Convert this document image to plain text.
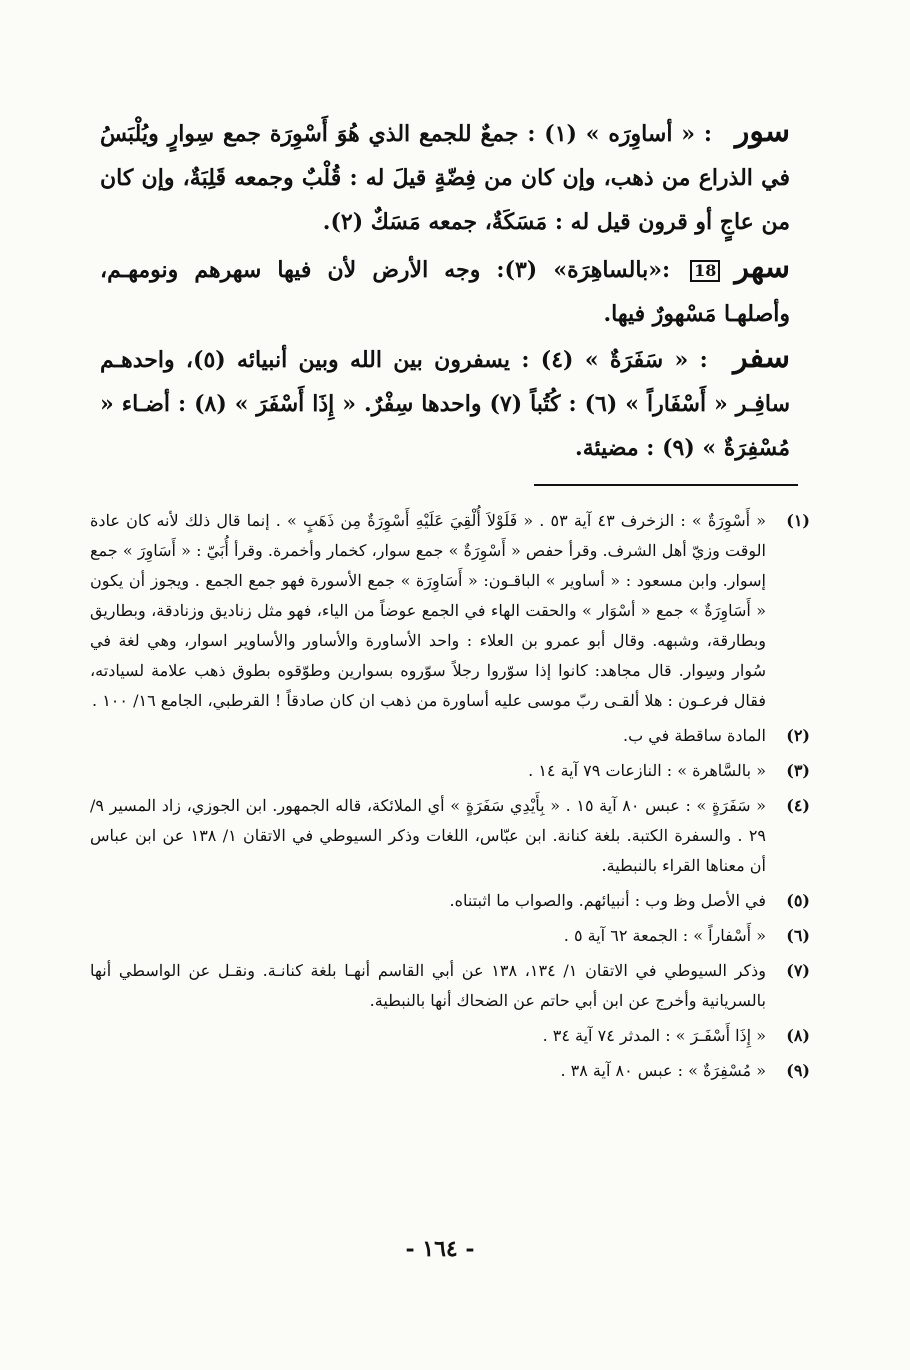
سور : « أساوِرَه » (١) : جمعٌ للجمع الذي هُوَ أَسْوِرَة جمع سِوارٍ ويُلْبَسُ في الذراع من ذهب، وإن كان من فِضّةٍ قيلَ له : قُلْبٌ وجمعه قَلِبَةٌ، وإن كان من عاجٍ أو قرون قيل له : مَسَكَةٌ، جمعه مَسَكٌ (٢).
سهر18 :«بالساهِرَة» (٣): وجه الأرض لأن فيها سهرهم ونومهـم، وأصلهـا مَسْهورٌ فيها.
سفر : « سَفَرَةٌ » (٤) : يسفرون بين الله وبين أنبيائه (٥)، واحدهـم سافِـر « أَسْفَاراً » (٦) : كُتُباً (٧) واحدها سِفْرٌ. « إِذَا أَسْفَرَ » (٨) : أضـاء « مُسْفِرَةٌ » (٩) : مضيئة.
(١)
« أَسْوِرَةٌ » : الزخرف ٤٣ آية ٥٣ . « فَلَوْلاَ أُلْقِيَ عَلَيْهِ أَسْوِرَةٌ مِن ذَهَبٍ » . إنما قال ذلك لأنه كان عادة الوقت وزيّ أهل الشرف. وقرأ حفص « أَسْوِرَةٌ » جمع سوار، كخمار وأخمرة. وقرأ أُبَيّ : « أَسَاوِرَ » جمع إسوار. وابن مسعود : « أساوير » الباقـون: « أَسَاوِرَة » جمع الأسورة فهو جمع الجمع . ويجوز أن يكون « أَسَاوِرَةٌ » جمع « أسْوَار » والحقت الهاء في الجمع عوضاً من الياء، فهو مثل زناديق وزنادقة، وبطاريق وبطارقة، وشبهه. وقال أبو عمرو بن العلاء : واحد الأساورة والأساور والأساوير اسوار، وهي لغة في سُوار وسِوار. قال مجاهد: كانوا إذا سوّروا رجلاً سوّروه بسوارين وطوّقوه بطوق ذهب علامة لسيادته، فقال فرعـون : هلا ألقـى ربّ موسى عليه أساورة من ذهب ان كان صادقاً ! القرطبي، الجامع ١٦/ ١٠٠ .
(٢)
المادة ساقطة في ب.
(٣)
« بالسَّاهرة » : النازعات ٧٩ آية ١٤ .
(٤)
« سَفَرَةٍ » : عبس ٨٠ آية ١٥ . « بِأَيْدِي سَفَرَةٍ » أي الملائكة، قاله الجمهور. ابن الجوزي، زاد المسير ٩/ ٢٩ . والسفرة الكتبة. بلغة كنانة. ابن عبّاس، اللغات وذكر السيوطي في الاتقان ١/ ١٣٨ عن ابن عباس أن معناها القراء بالنبطية.
(٥)
في الأصل وظ وب : أنبيائهم. والصواب ما اثبتناه.
(٦)
« أَسْفاراً » : الجمعة ٦٢ آية ٥ .
(٧)
وذكر السيوطي في الاتقان ١/ ١٣٤، ١٣٨ عن أبي القاسم أنهـا بلغة كنانـة. ونقـل عن الواسطي أنها بالسريانية وأخرج عن ابن أبي حاتم عن الضحاك أنها بالنبطية.
(٨)
« إِذَا أَسْفَـرَ » : المدثر ٧٤ آية ٣٤ .
(٩)
« مُسْفِرَةٌ » : عبس ٨٠ آية ٣٨ .
- ١٦٤ -
